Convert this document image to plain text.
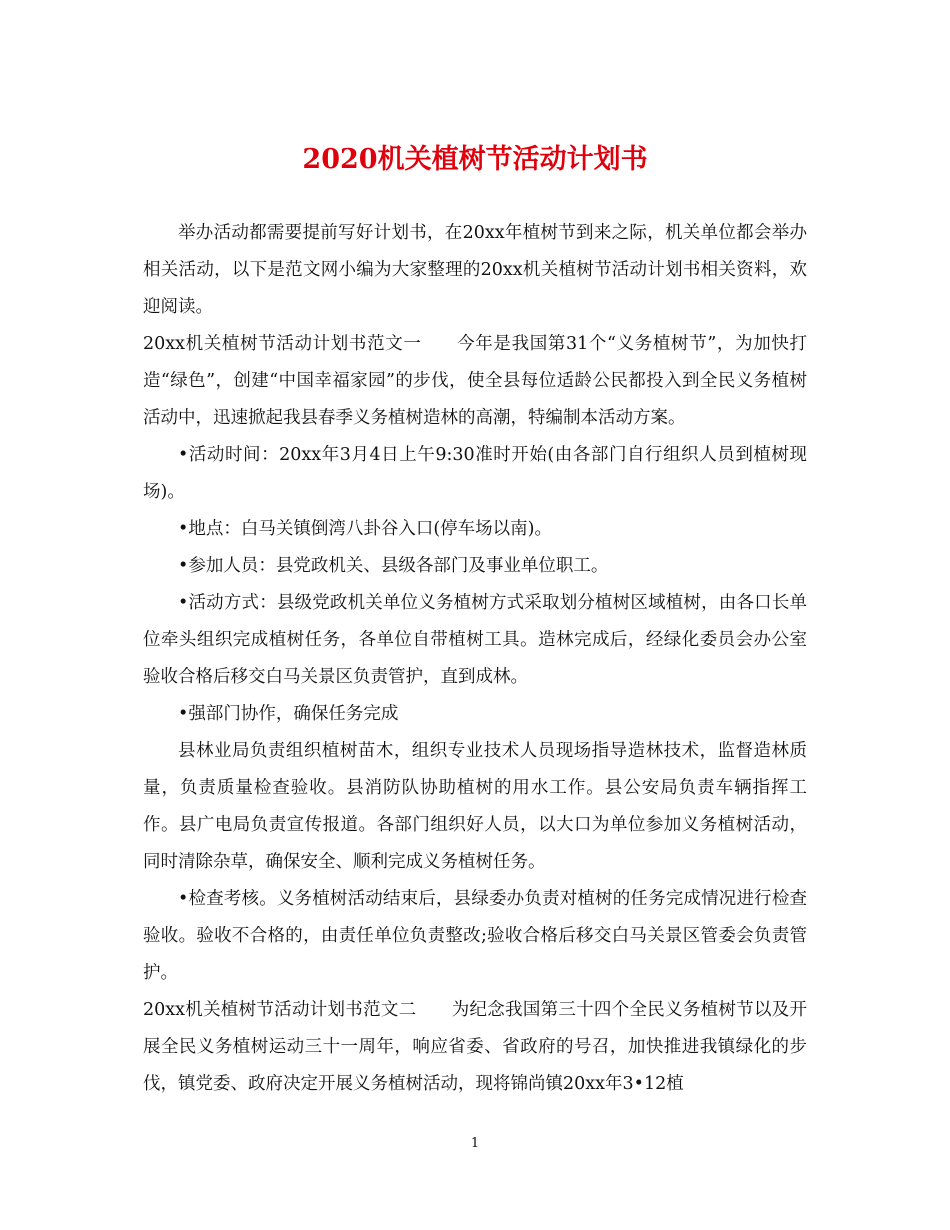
2020机关植树节活动计划书

举办活动都需要提前写好计划书，在20xx年植树节到来之际，机关单位都会举办相关活动，以下是范文网小编为大家整理的20xx机关植树节活动计划书相关资料，欢迎阅读。

20xx机关植树节活动计划书范文一 今年是我国第31个“义务植树节”，为加快打造“绿色”，创建“中国幸福家园”的步伐，使全县每位适龄公民都投入到全民义务植树活动中，迅速掀起我县春季义务植树造林的高潮，特编制本活动方案。

•活动时间：20xx年3月4日上午9:30准时开始(由各部门自行组织人员到植树现场)。

•地点：白马关镇倒湾八卦谷入口(停车场以南)。

•参加人员：县党政机关、县级各部门及事业单位职工。

•活动方式：县级党政机关单位义务植树方式采取划分植树区域植树，由各口长单位牵头组织完成植树任务，各单位自带植树工具。造林完成后，经绿化委员会办公室验收合格后移交白马关景区负责管护，直到成林。

•强部门协作，确保任务完成

县林业局负责组织植树苗木，组织专业技术人员现场指导造林技术，监督造林质量，负责质量检查验收。县消防队协助植树的用水工作。县公安局负责车辆指挥工作。县广电局负责宣传报道。各部门组织好人员，以大口为单位参加义务植树活动，同时清除杂草，确保安全、顺利完成义务植树任务。

•检查考核。义务植树活动结束后，县绿委办负责对植树的任务完成情况进行检查验收。验收不合格的，由责任单位负责整改;验收合格后移交白马关景区管委会负责管护。

20xx机关植树节活动计划书范文二 为纪念我国第三十四个全民义务植树节以及开展全民义务植树运动三十一周年，响应省委、省政府的号召，加快推进我镇绿化的步伐，镇党委、政府决定开展义务植树活动，现将锦尚镇20xx年3•12植

1
